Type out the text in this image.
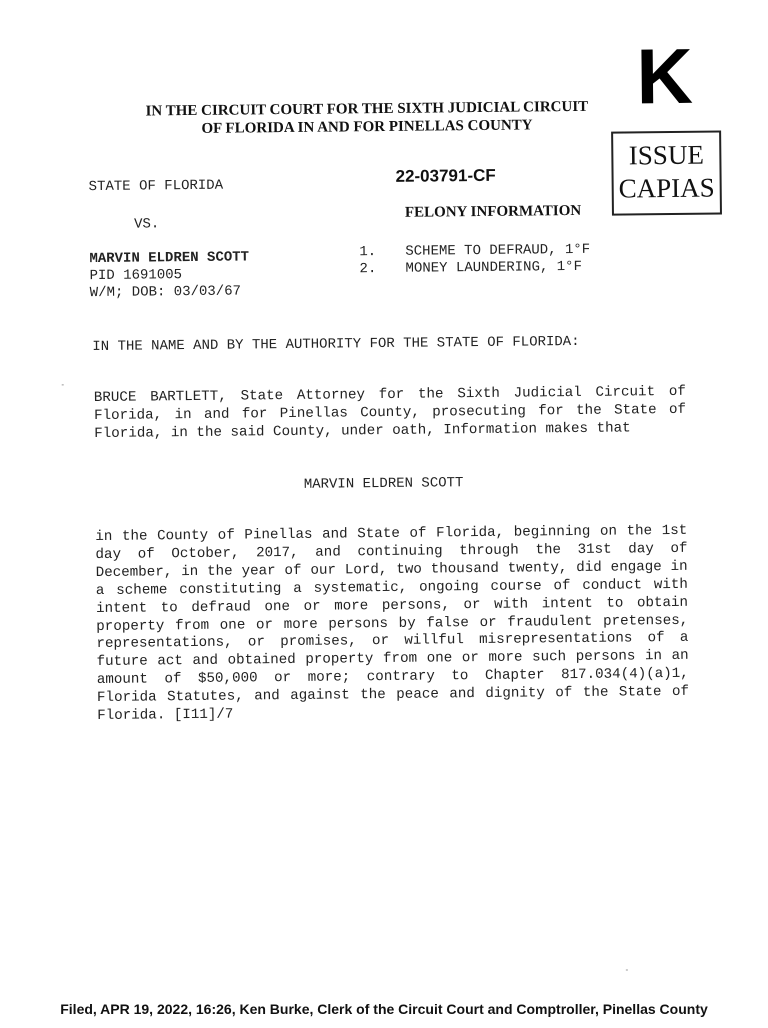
IN THE CIRCUIT COURT FOR THE SIXTH JUDICIAL CIRCUIT
OF FLORIDA IN AND FOR PINELLAS COUNTY
K
ISSUE
CAPIAS
STATE OF FLORIDA
VS.
22-03791-CF
FELONY INFORMATION
MARVIN ELDREN SCOTT
PID 1691005
W/M; DOB: 03/03/67
1. SCHEME TO DEFRAUD, 1°F
2. MONEY LAUNDERING, 1°F
IN THE NAME AND BY THE AUTHORITY FOR THE STATE OF FLORIDA:
BRUCE BARTLETT, State Attorney for the Sixth Judicial Circuit of Florida, in and for Pinellas County, prosecuting for the State of Florida, in the said County, under oath, Information makes that
MARVIN ELDREN SCOTT
in the County of Pinellas and State of Florida, beginning on the 1st day of October, 2017, and continuing through the 31st day of December, in the year of our Lord, two thousand twenty, did engage in a scheme constituting a systematic, ongoing course of conduct with intent to defraud one or more persons, or with intent to obtain property from one or more persons by false or fraudulent pretenses, representations, or promises, or willful misrepresentations of a future act and obtained property from one or more such persons in an amount of $50,000 or more; contrary to Chapter 817.034(4)(a)1, Florida Statutes, and against the peace and dignity of the State of Florida. [I11]/7
Filed, APR 19, 2022, 16:26, Ken Burke, Clerk of the Circuit Court and Comptroller, Pinellas County
